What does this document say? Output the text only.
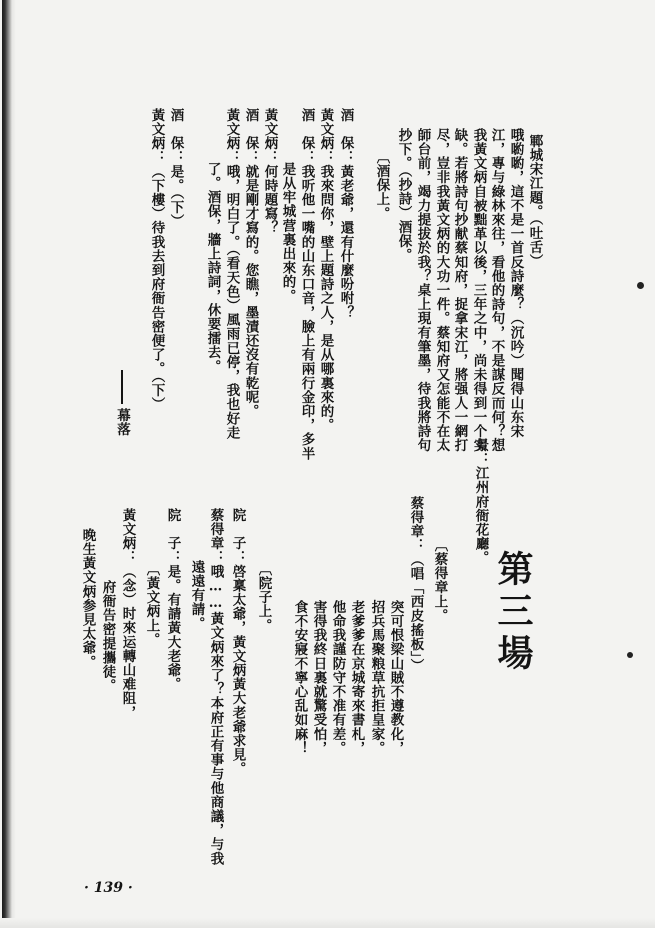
第三場
景：江州府衙花廳。
鄆城宋江題。（吐舌）
哦喲喲，這不是一首反詩麼？（沉吟）聞得山东宋
江，專与綠林來往，看他的詩句，不是謀反而何？想
我黃文炳自被黜革以後，三年之中，尚未得到一个实
缺。若將詩句抄献蔡知府，捉拿宋江，將强人一網打
尽，豈非我黃文炳的大功一件。蔡知府又怎能不在太
師台前，竭力提拔於我？桌上現有筆墨，待我將詩句
抄下。（抄詩）酒保。
〔酒保上。
酒　保：黃老爺，還有什麼吩咐？
黃文炳：我來問你，壁上題詩之人，是从哪裏來的。
酒　保：我听他一嘴的山东口音，臉上有兩行金印，多半
是从牢城营裏出來的。
黃文炳：何時題寫？
酒　保：就是剛才寫的。您瞧，墨漬还沒有乾呢。
黃文炳：哦，明白了。（看天色）風雨已停，我也好走
了。酒保，牆上詩詞，休要擂去。
酒　保：是。（下）
黃文炳：（下樓）待我去到府衙告密便了。（下）
幕落
蔡得章：（唱「西皮搖板」） 〔蔡得章上。
突可恨梁山賊不遵教化，
招兵馬聚粮草抗拒皇家。
老爹爹在京城寄來書札，
他命我謹防守不准有差。
害得我終日裏就驚受怕，
食不安寢不寧心乱如麻！
〔院子上。
院　子：啓稟太爺，黃文炳黃大老爺求見。
蔡得章：哦……黃文炳來了？本府正有事与他商議，与我
遠遠有請。
院　子：是。有請黃大老爺。
〔黃文炳上。
黃文炳：（念）时來运轉山难阻，
府衙告密提攜徒。
晚生黃文炳参見太爺。
· 139 ·
